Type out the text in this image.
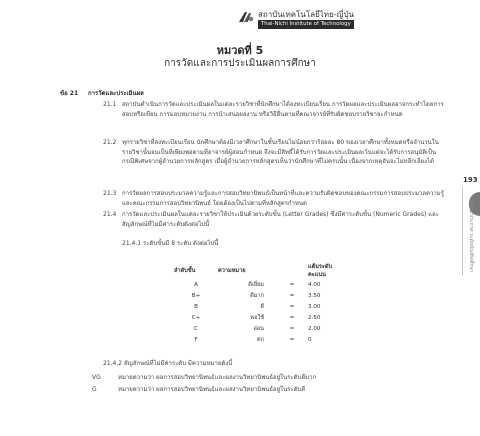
สถาบันเทคโนโลยีไทย-ญี่ปุ่น
Thai-Nichi Institute of Technology
หมวดที่ 5
การวัดและการประเมินผลการศึกษา
ข้อ 21 การวัดและประเมินผล
21.1 สถาบันดำเนินการวัดและประเมินผลในแต่ละรายวิชาที่นักศึกษาได้ลงทะเบียนเรียน การวัดผลและประเมินผลอาจกระทำโดยการสอบหรือเขียน การมอบหมายงาน การนำเสนอผลงาน หรือวิธีอื่นตามที่คณาจารย์ที่รับผิดชอบรายวิชาจะกำหนด
21.2 ทุกรายวิชาที่ลงทะเบียนเรียน นักศึกษาต้องมีเวลาศึกษาในชั้นเรียนไม่น้อยกว่าร้อยละ 80 ของเวลาศึกษาทั้งหมดหรือจำนวนในรายวิชานั้นจนเป็นที่เพียงพอตามที่อาจารย์ผู้สอนกำหนด จึงจะมีสิทธิ์ได้รับการวัดและประเมินผลเว้นแต่จะได้รับการอนุมัติเป็นกรณีพิเศษจากผู้อำนวยการหลักสูตร เมื่อผู้อำนวยการหลักสูตรเห็นว่านักศึกษาที่ไม่ครบนั้น เนื่องจากเหตุอันจะไม่หลีกเลี่ยงได้
21.3 การวัดผลการสอบประมวลความรู้และการสอบวิทยานิพนธ์เป็นหน้าที่และความรับผิดชอบของคณะกรรมการสอบประมวลความรู้ และคณะกรรมการสอบวิทยานิพนธ์ โดยต้องเป็นไปตามที่หลักสูตรกำหนด
21.4 การวัดและประเมินผลในแต่ละรายวิชาให้ประเมินด้วยระดับขั้น (Letter Grades) ซึ่งมีค่าระดับขั้น (Numeric Grades) และสัญลักษณ์ที่ไม่มีค่าระดับดังต่อไปนี้
21.4.1 ระดับขั้นมี 8 ระดับ ดังต่อไปนี้
ลำดับขั้น	ความหมาย		แต้มระดับคะแนน
A	ดีเยี่ยม	=	4.00
B+	ดีมาก	=	3.50
B	ดี	=	3.00
C+	พอใช้	=	2.50
C	อ่อน	=	2.00
F	ตก	=	0
21.4.2 สัญลักษณ์ที่ไม่มีค่าระดับ มีความหมายดังนี้
VG	หมายความว่า ผลการสอบวิทยานิพนธ์และผลงานวิทยานิพนธ์อยู่ในระดับดีมาก
G	หมายความว่า ผลการสอบวิทยานิพนธ์และผลงานวิทยานิพนธ์อยู่ในระดับดี
193
ระเบียบ/ประกาศ ระดับบัณฑิตศึกษา
